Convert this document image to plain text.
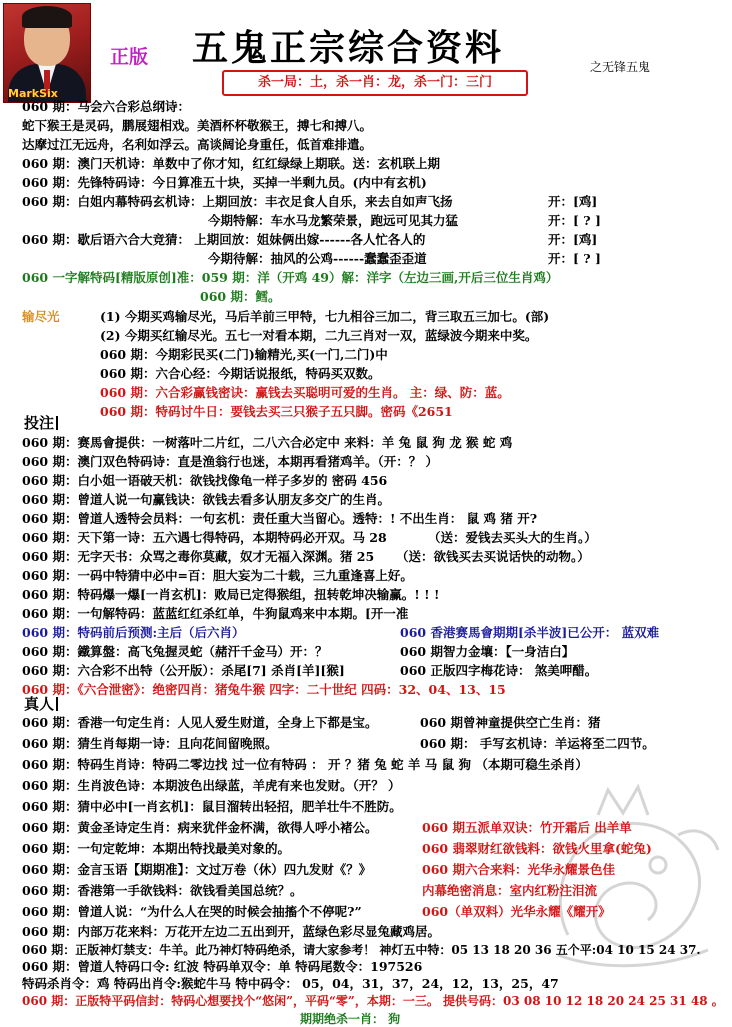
MarkSix
正版 五鬼正宗综合资料	之无锋五鬼
杀一局：土，杀一肖：龙，杀一门：三门
060 期：马会六合彩总纲诗：
蛇下猴王是灵码，鹏展翅相戏。美酒杯杯敬猴王，搏七和搏八。
达摩过江无远舟，名利如浮云。高谈阔论身重任，低首难排遣。
060 期：澳门天机诗：单数中了你才知，红红绿绿上期联。送：玄机联上期
060 期：先锋特码诗：今日算准五十块，买掉一半剩九员。(内中有玄机)
060 期：白姐内幕特码玄机诗：上期回放：丰衣足食人自乐，来去自如声飞扬	开：[鸡]
今期特解：车水马龙繁荣景，跑远可见其力猛	开：[ ? ]
060 期：歇后语六合大竞猜： 上期回放：姐妹俩出嫁------各人忙各人的	开：[鸡]
今期待解：抽风的公鸡------蠢蠢歪歪道	开：[ ? ]
060 一字解特码[精版原创]准：059 期：洋（开鸡 49）解：洋字（左边三画,开后三位生肖鸡）
060 期：鳕。
输尽光	(1) 今期买鸡输尽光，马后羊前三甲特，七九相谷三加二，背三取五三加七。(部)
(2) 今期买红输尽光。五七一对看本期，二九三肖对一双，蓝绿波今期来中奖。
060 期：今期彩民买(二门)输精光,买(一门,二门)中
060 期：六合心经：今期话说报纸，特码买双数。
060 期：六合彩赢钱密诀：赢钱去买聪明可爱的生肖。 主：绿、防：蓝。
060 期：特码讨牛日：要钱去买三只猴子五只脚。密码《2651
投注
060 期：赛馬會提供：一树落叶二片红，二八六合必定中 来料：羊 兔 鼠 狗 龙 猴 蛇 鸡
060 期：澳门双色特码诗：直是渔翁行也迷，本期再看猪鸡羊。（开：？ ）
060 期：白小姐一语破天机：欲钱找像龟一样子多岁的 密码 456
060 期：曾道人说一句赢钱诀：欲钱去看多认朋友多交广的生肖。
060 期：曾道人透特会员料：一句玄机：责任重大当留心。透特：! 不出生肖： 鼠 鸡 猪 开?
060 期：天下第一诗：五六遇七得特码，本期特码必开双。马 28	（送：爱钱去买头大的生肖。）
060 期：无字天书：众骂之毒你莫藏，奴才无福入深渊。猪 25 （送：欲钱买去买说话快的动物。）
060 期：一码中特猜中必中=百：胆大妄为二十载，三九重逢喜上好。
060 期：特码爆一爆[一肖玄机]：败局已定得猴组，扭转乾坤决输赢。! ! !
060 期：一句解特码：蓝蓝红红杀红单，牛狗鼠鸡来中本期。[开一准
060 期：特码前后预测:主后（后六肖）	060 香港赛馬會期期[杀半波]已公开： 蓝双难
060 期：鐵算盤：高飞兔握灵蛇（赭汗千金马）开：？	060 期智力金壤：【一身洁白】
060 期：六合彩不出特（公开版）：杀尾[7] 杀肖[羊][猴]	060 正版四字梅花诗： 煞美呷醋。
060 期：《六合泄密》：绝密四肖：猪兔牛猴 四字：二十世纪 四码：32、04、13、15
真人
060 期：香港一句定生肖：人见人爱生财道，全身上下都是宝。	060 期曾神童提供空亡生肖：猪
060 期：猜生肖每期一诗：且向花间留晚照。	060 期： 手写玄机诗：羊运将至二四节。
060 期：特码生肖诗：特码二零边找 过一位有特码 ： 开 ？猪 兔 蛇 羊 马 鼠 狗 （本期可稳生杀肖）
060 期：生肖波色诗：本期波色出绿蓝，羊虎有来也发财。（开？ ）
060 期：猜中必中[一肖玄机]：鼠目溜转出轻招，肥羊壮牛不胜防。
060 期：黄金圣诗定生肖：病来犹伴金杯满，欲得人呼小褚公。	060 期五派单双诀：竹开霜后 出羊单
060 期：一句定乾坤：本期出特找最美对象的。	060 翡翠财红欲钱料：欲钱火里拿(蛇兔)
060 期：金言玉语【期期准】：文过万卷（休）四九发财《？》	060 期六合来料：光华永耀景色佳
060 期：香港第一手欲钱料：欲钱看美国总统？。	内幕绝密消息：室内红粉注泪流
060 期：曾道人说：“为什么人在哭的时候会抽搐个不停呢?”	060（单双料）光华永耀《耀开》
060 期：内部万花来料：万花开左边二五出到开，蓝绿色彩尽显兔藏鸡居。
060 期：正版神灯禁支：牛羊。此乃神灯特码绝杀，请大家参考！ 神灯五中特：05 13 18 20 36 五个平:04 10 15 24 37.
060 期：曾道人特码口令: 红波 特码单双令：单 特码尾数令：197526
特码杀肖令：鸡 特码出肖令:猴蛇牛马 特中码令： 05，04，31，37，24，12，13，25，47
060 期：正版特平码信封：特码心想要找个“悠闲”，平码“零”，本期：一三。 提供号码：03 08 10 12 18 20 24 25 31 48 。
期期绝杀一肖： 狗
